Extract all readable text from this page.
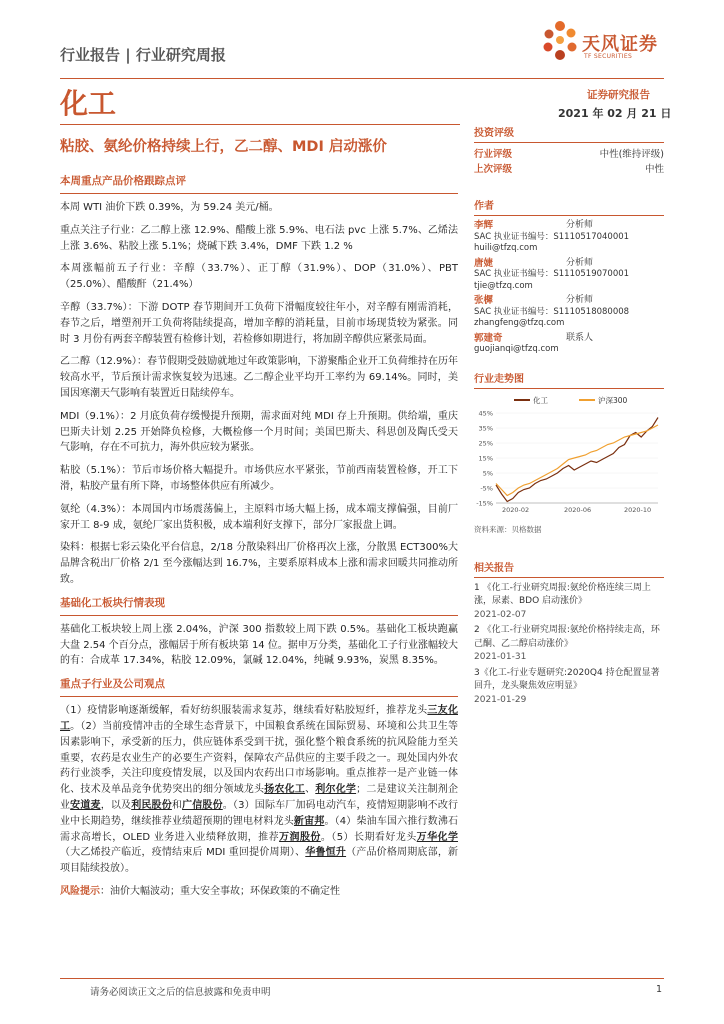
行业报告 | 行业研究周报	天风证券
TF SECURITIES
化工	证券研究报告
2021 年 02 月 21 日
粘胶、氨纶价格持续上行，乙二醇、MDI 启动涨价
本周重点产品价格跟踪点评

本周 WTI 油价下跌 0.39%，为 59.24 美元/桶。

重点关注子行业：乙二醇上涨 12.9%、醋酸上涨 5.9%、电石法 pvc 上涨 5.7%、乙烯法上涨 3.6%、粘胶上涨 5.1%；烧碱下跌 3.4%，DMF 下跌 1.2 %

本周涨幅前五子行业：辛醇（33.7%）、正丁醇（31.9%）、DOP（31.0%）、PBT（25.0%）、醋酸酐（21.4%）

辛醇（33.7%）：下游 DOTP 春节期间开工负荷下滑幅度较往年小，对辛醇有刚需消耗，春节之后，增塑剂开工负荷将陆续提高，增加辛醇的消耗量，目前市场现货较为紧张。同时 3 月份有两套辛醇装置有检修计划，若检修如期进行，将加剧辛醇供应紧张局面。

乙二醇（12.9%）：春节假期受鼓励就地过年政策影响，下游聚酯企业开工负荷维持在历年较高水平，节后预计需求恢复较为迅速。乙二醇企业平均开工率约为 69.14%。同时，美国因寒潮天气影响有装置近日陆续停车。

MDI（9.1%）：2 月底负荷存缓慢提升预期，需求面对纯 MDI 存上升预期。供给端，重庆巴斯夫计划 2.25 开始降负检修，大概检修一个月时间；美国巴斯夫、科思创及陶氏受天气影响，存在不可抗力，海外供应较为紧张。

粘胶（5.1%）：节后市场价格大幅提升。市场供应水平紧张，节前西南装置检修，开工下滑，粘胶产量有所下降，市场整体供应有所减少。

氨纶（4.3%）：本周国内市场震荡偏上，主原料市场大幅上扬，成本端支撑偏强，目前厂家开工 8-9 成，氨纶厂家出货积极，成本端利好支撑下，部分厂家报盘上调。

染料：根据七彩云染化平台信息，2/18 分散染料出厂价格再次上涨，分散黑 ECT300%大品牌含税出厂价格 2/1 至今涨幅达到 16.7%，主要系原料成本上涨和需求回暖共同推动所致。

基础化工板块行情表现

基础化工板块较上周上涨 2.04%，沪深 300 指数较上周下跌 0.5%。基础化工板块跑赢大盘 2.54 个百分点，涨幅居于所有板块第 14 位。据申万分类，基础化工子行业涨幅较大的有：合成革 17.34%，粘胶 12.09%，氯碱 12.04%，纯碱 9.93%，炭黑 8.35%。

重点子行业及公司观点

（1）疫情影响逐渐缓解，看好纺织服装需求复苏，继续看好粘胶短纤，推荐龙头三友化工。（2）当前疫情冲击的全球生态背景下，中国粮食系统在国际贸易、环境和公共卫生等因素影响下，承受新的压力，供应链体系受到干扰，强化整个粮食系统的抗风险能力至关重要，农药是农业生产的必要生产资料，保障农产品供应的主要手段之一。现处国内外农药行业淡季，关注印度疫情发展，以及国内农药出口市场影响。重点推荐一是产业链一体化、技术及单品竞争优势突出的细分领域龙头扬农化工、利尔化学；二是建议关注制剂企业安道麦，以及利民股份和广信股份。（3）国际车厂加码电动汽车，疫情短期影响不改行业中长期趋势，继续推荐业绩超预期的锂电材料龙头新宙邦。（4）柴油车国六推行数沸石需求高增长，OLED 业务进入业绩释放期，推荐万润股份。（5）长期看好龙头万华化学（大乙烯投产临近，疫情结束后 MDI 重回提价周期）、华鲁恒升（产品价格周期底部，新项目陆续投放）。

风险提示：油价大幅波动；重大安全事故；环保政策的不确定性

投资评级
行业评级	中性(维持评级)
上次评级	中性
作者
李辉	分析师
SAC 执业证书编号：S1110517040001
huili@tfzq.com
唐婕	分析师
SAC 执业证书编号：S1110519070001
tjie@tfzq.com
张樨	分析师
SAC 执业证书编号：S1110518080008
zhangfeng@tfzq.com
郭建奇	联系人
guojianqi@tfzq.com
行业走势图
45%
35%
25%
15%
5%
-5%
-15%
2020-02	2020-06	2020-10
化工	沪深300
资料来源：贝格数据
相关报告
1 《化工-行业研究周报:氨纶价格连续三周上涨，尿素、BDO 启动涨价》
2021-02-07
2 《化工-行业研究周报:氨纶价格持续走高，环己酮、乙二醇启动涨价》
2021-01-31
3《化工-行业专题研究:2020Q4 持仓配置显著回升，龙头聚焦效应明显》
2021-01-29
请务必阅读正文之后的信息披露和免责申明	1
